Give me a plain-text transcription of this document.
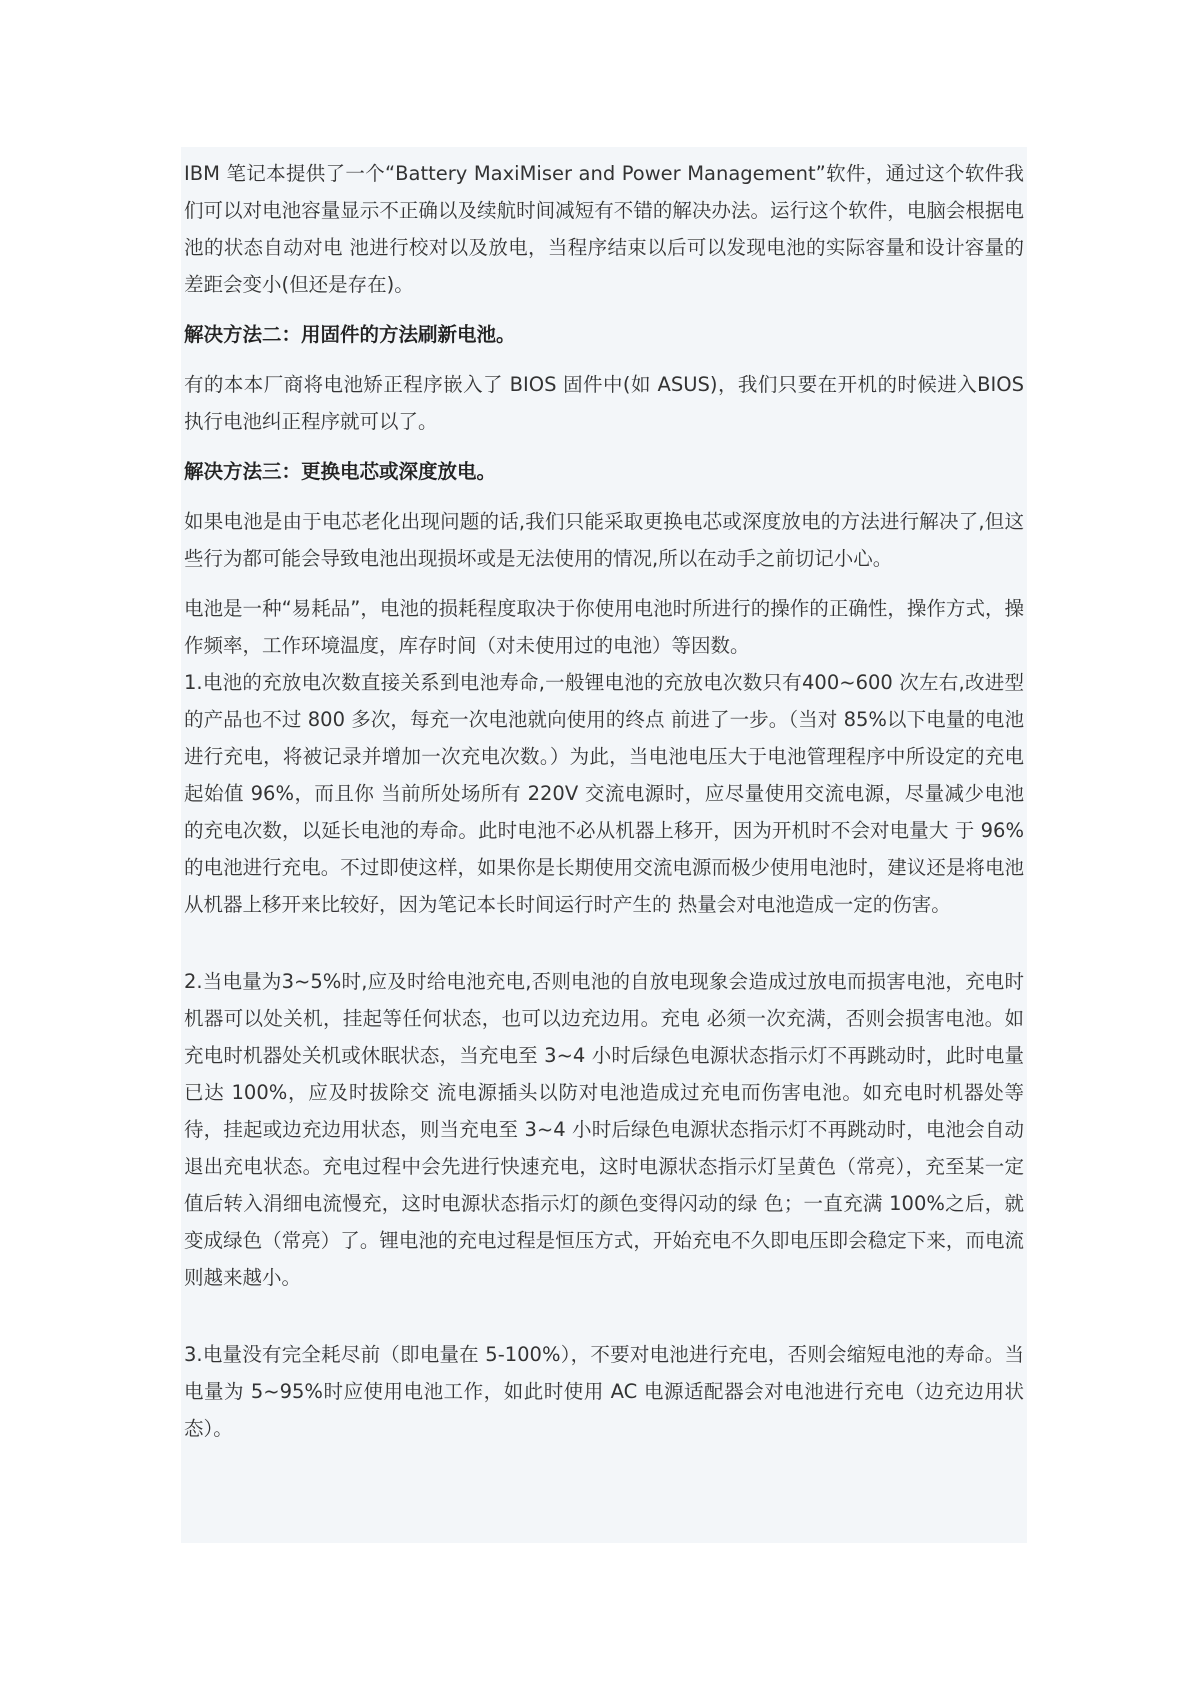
IBM 笔记本提供了一个“Battery MaxiMiser and Power Management”软件，通过这个软件我们可以对电池容量显示不正确以及续航时间减短有不错的解决办法。运行这个软件，电脑会根据电池的状态自动对电 池进行校对以及放电，当程序结束以后可以发现电池的实际容量和设计容量的差距会变小(但还是存在)。

解决方法二：用固件的方法刷新电池。

有的本本厂商将电池矫正程序嵌入了 BIOS 固件中(如 ASUS)，我们只要在开机的时候进入BIOS 执行电池纠正程序就可以了。

解决方法三：更换电芯或深度放电。

如果电池是由于电芯老化出现问题的话,我们只能采取更换电芯或深度放电的方法进行解决了,但这些行为都可能会导致电池出现损坏或是无法使用的情况,所以在动手之前切记小心。

电池是一种“易耗品”，电池的损耗程度取决于你使用电池时所进行的操作的正确性，操作方式，操作频率，工作环境温度，库存时间（对未使用过的电池）等因数。

1.电池的充放电次数直接关系到电池寿命,一般锂电池的充放电次数只有400~600 次左右,改进型的产品也不过 800 多次，每充一次电池就向使用的终点 前进了一步。（当对 85%以下电量的电池进行充电，将被记录并增加一次充电次数。）为此，当电池电压大于电池管理程序中所设定的充电起始值 96%，而且你 当前所处场所有 220V 交流电源时，应尽量使用交流电源，尽量减少电池的充电次数，以延长电池的寿命。此时电池不必从机器上移开，因为开机时不会对电量大 于 96%的电池进行充电。不过即使这样，如果你是长期使用交流电源而极少使用电池时，建议还是将电池从机器上移开来比较好，因为笔记本长时间运行时产生的 热量会对电池造成一定的伤害。

2.当电量为3~5%时,应及时给电池充电,否则电池的自放电现象会造成过放电而损害电池，充电时机器可以处关机，挂起等任何状态，也可以边充边用。充电 必须一次充满，否则会损害电池。如充电时机器处关机或休眠状态，当充电至 3~4 小时后绿色电源状态指示灯不再跳动时，此时电量已达 100%，应及时拔除交 流电源插头以防对电池造成过充电而伤害电池。如充电时机器处等待，挂起或边充边用状态，则当充电至 3~4 小时后绿色电源状态指示灯不再跳动时，电池会自动 退出充电状态。充电过程中会先进行快速充电，这时电源状态指示灯呈黄色（常亮），充至某一定值后转入涓细电流慢充，这时电源状态指示灯的颜色变得闪动的绿 色；一直充满 100%之后，就变成绿色（常亮）了。锂电池的充电过程是恒压方式，开始充电不久即电压即会稳定下来，而电流则越来越小。

3.电量没有完全耗尽前（即电量在 5-100%），不要对电池进行充电，否则会缩短电池的寿命。当电量为 5~95%时应使用电池工作，如此时使用 AC 电源适配器会对电池进行充电（边充边用状态）。
